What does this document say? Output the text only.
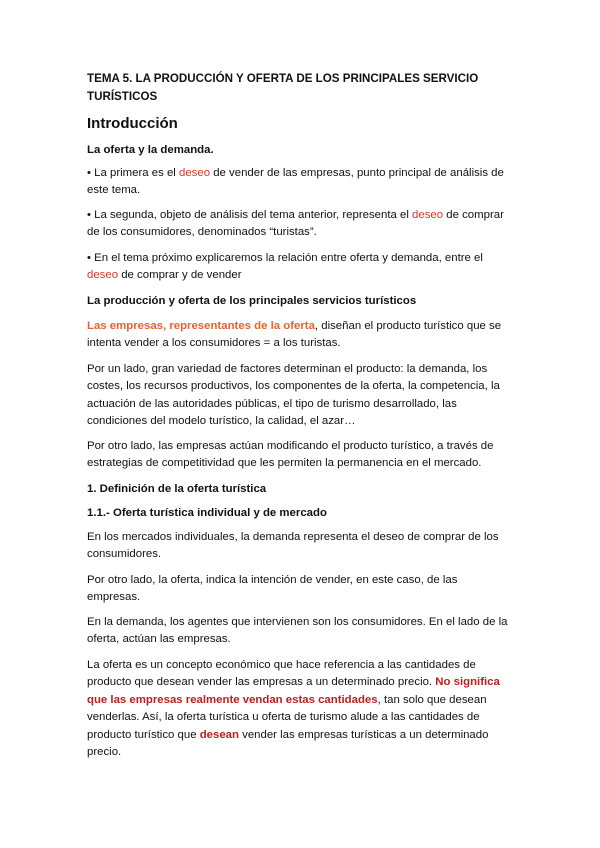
TEMA 5. LA PRODUCCIÓN Y OFERTA DE LOS PRINCIPALES SERVICIO

TURÍSTICOS

Introducción

La oferta y la demanda.

• La primera es el deseo de vender de las empresas, punto principal de análisis de

este tema.

• La segunda, objeto de análisis del tema anterior, representa el deseo de comprar

de los consumidores, denominados “turistas”.

• En el tema próximo explicaremos la relación entre oferta y demanda, entre el

deseo de comprar y de vender

La producción y oferta de los principales servicios turísticos

Las empresas, representantes de la oferta, diseñan el producto turístico que se

intenta vender a los consumidores = a los turistas.

Por un lado, gran variedad de factores determinan el producto: la demanda, los

costes, los recursos productivos, los componentes de la oferta, la competencia, la

actuación de las autoridades públicas, el tipo de turismo desarrollado, las

condiciones del modelo turístico, la calidad, el azar…

Por otro lado, las empresas actúan modificando el producto turístico, a través de

estrategias de competitividad que les permiten la permanencia en el mercado.

1. Definición de la oferta turística

1.1.- Oferta turística individual y de mercado

En los mercados individuales, la demanda representa el deseo de comprar de los

consumidores.

Por otro lado, la oferta, indica la intención de vender, en este caso, de las

empresas.

En la demanda, los agentes que intervienen son los consumidores. En el lado de la

oferta, actúan las empresas.

La oferta es un concepto económico que hace referencia a las cantidades de

producto que desean vender las empresas a un determinado precio. No significa

que las empresas realmente vendan estas cantidades, tan solo que desean

venderlas. Así, la oferta turística u oferta de turismo alude a las cantidades de

producto turístico que desean vender las empresas turísticas a un determinado

precio.
